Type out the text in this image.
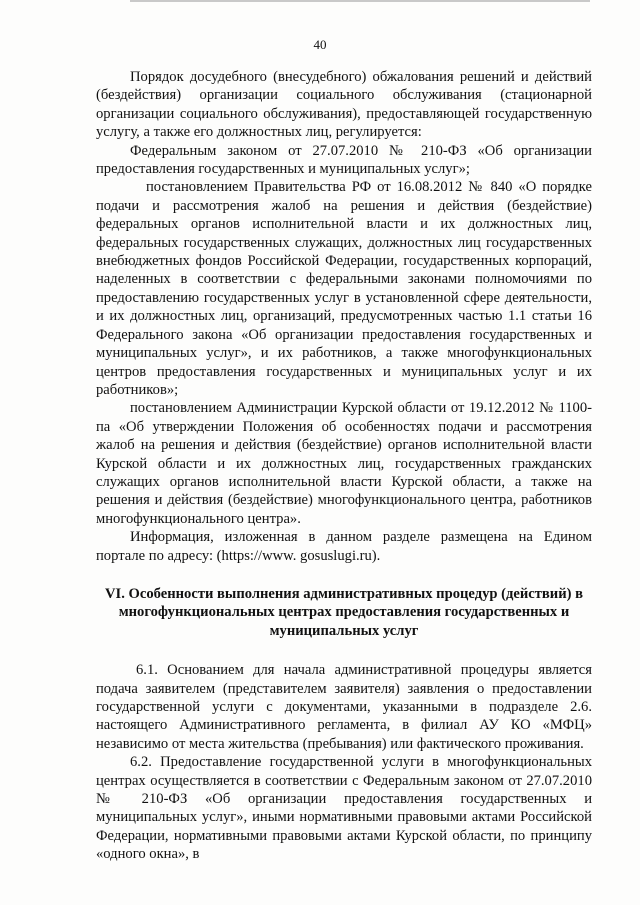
40

Порядок досудебного (внесудебного) обжалования решений и действий (бездействия) организации социального обслуживания (стационарной организации социального обслуживания), предоставляющей государственную услугу, а также его должностных лиц, регулируется:

Федеральным законом от 27.07.2010 № 210-ФЗ «Об организации предоставления государственных и муниципальных услуг»;

постановлением Правительства РФ от 16.08.2012 № 840 «О порядке подачи и рассмотрения жалоб на решения и действия (бездействие) федеральных органов исполнительной власти и их должностных лиц, федеральных государственных служащих, должностных лиц государственных внебюджетных фондов Российской Федерации, государственных корпораций, наделенных в соответствии с федеральными законами полномочиями по предоставлению государственных услуг в установленной сфере деятельности, и их должностных лиц, организаций, предусмотренных частью 1.1 статьи 16 Федерального закона «Об организации предоставления государственных и муниципальных услуг», и их работников, а также многофункциональных центров предоставления государственных и муниципальных услуг и их работников»;

постановлением Администрации Курской области от 19.12.2012 № 1100-па «Об утверждении Положения об особенностях подачи и рассмотрения жалоб на решения и действия (бездействие) органов исполнительной власти Курской области и их должностных лиц, государственных гражданских служащих органов исполнительной власти Курской области, а также на решения и действия (бездействие) многофункционального центра, работников многофункционального центра».

Информация, изложенная в данном разделе размещена на Едином портале по адресу: (https://www. gosuslugi.ru).

VI. Особенности выполнения административных процедур (действий) в многофункциональных центрах предоставления государственных и муниципальных услуг

6.1. Основанием для начала административной процедуры является подача заявителем (представителем заявителя) заявления о предоставлении государственной услуги с документами, указанными в подразделе 2.6. настоящего Административного регламента, в филиал АУ КО «МФЦ» независимо от места жительства (пребывания) или фактического проживания.

6.2. Предоставление государственной услуги в многофункциональных центрах осуществляется в соответствии с Федеральным законом от 27.07.2010 № 210-ФЗ «Об организации предоставления государственных и муниципальных услуг», иными нормативными правовыми актами Российской Федерации, нормативными правовыми актами Курской области, по принципу «одного окна», в
